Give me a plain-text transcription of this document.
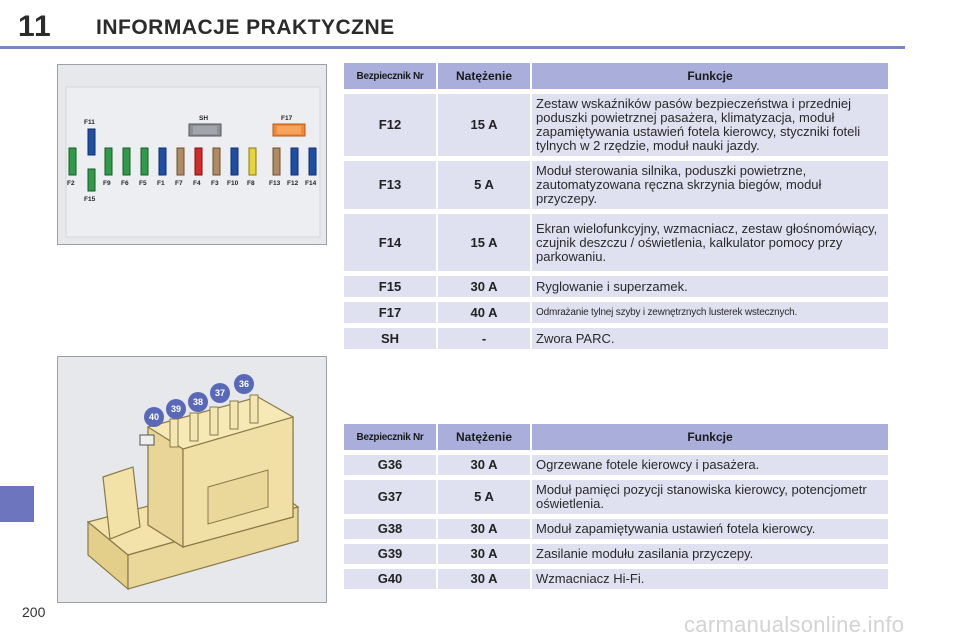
11 INFORMACJE PRAKTYCZNE
200	carmanualsonline.info
F11
SH	F17
F2	F9 F6 F5 F1 F7 F4 F3 F10 F8 F13 F12 F14
F15
40
39
38
37
36
Bezpiecznik Nr	Natężenie	Funkcje
F12	15 A	Zestaw wskaźników pasów bezpieczeństwa i przedniej poduszki powietrznej pasażera, klimatyzacja, moduł zapamiętywania ustawień fotela kierowcy, styczniki foteli tylnych w 2 rzędzie, moduł nauki jazdy.
F13	5 A	Moduł sterowania silnika, poduszki powietrzne, zautomatyzowana ręczna skrzynia biegów, moduł przyczepy.
F14	15 A	Ekran wielofunkcyjny, wzmacniacz, zestaw głośnomówiący, czujnik deszczu / oświetlenia, kalkulator pomocy przy parkowaniu.
F15	30 A	Ryglowanie i superzamek.
F17	40 A	Odmrażanie tylnej szyby i zewnętrznych lusterek wstecznych.
SH	-	Zwora PARC.
Bezpiecznik Nr	Natężenie	Funkcje
G36	30 A	Ogrzewane fotele kierowcy i pasażera.
G37	5 A	Moduł pamięci pozycji stanowiska kierowcy, potencjometr oświetlenia.
G38	30 A	Moduł zapamiętywania ustawień fotela kierowcy.
G39	30 A	Zasilanie modułu zasilania przyczepy.
G40	30 A	Wzmacniacz Hi-Fi.
